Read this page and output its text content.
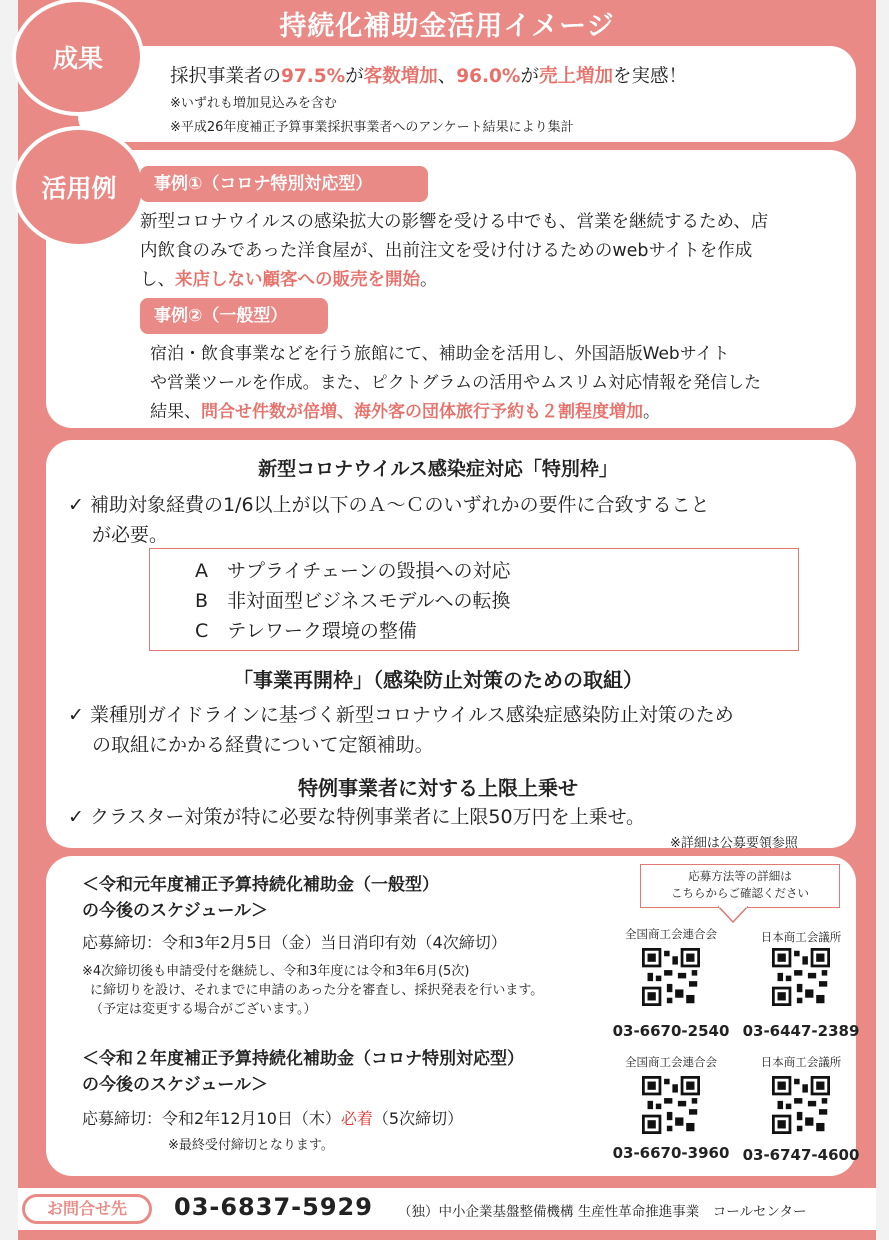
持続化補助金活用イメージ
成果
採択事業者の97.5%が客数増加、96.0%が売上増加を実感！
※いずれも増加見込みを含む
※平成26年度補正予算事業採択事業者へのアンケート結果により集計
活用例	事例①（コロナ特別対応型）
新型コロナウイルスの感染拡大の影響を受ける中でも、営業を継続するため、店
内飲食のみであった洋食屋が、出前注文を受け付けるためのwebサイトを作成
し、来店しない顧客への販売を開始。
事例②（一般型）
宿泊・飲食事業などを行う旅館にて、補助金を活用し、外国語版Webサイト
や営業ツールを作成。また、ピクトグラムの活用やムスリム対応情報を発信した
結果、問合せ件数が倍増、海外客の団体旅行予約も２割程度増加。
新型コロナウイルス感染症対応「特別枠」
✓ 補助対象経費の1/6以上が以下のＡ～Ｃのいずれかの要件に合致すること
が必要。
A　サプライチェーンの毀損への対応
B　非対面型ビジネスモデルへの転換
C　テレワーク環境の整備
「事業再開枠」（感染防止対策のための取組）
✓ 業種別ガイドラインに基づく新型コロナウイルス感染症感染防止対策のため
の取組にかかる経費について定額補助。
特例事業者に対する上限上乗せ
✓ クラスター対策が特に必要な特例事業者に上限50万円を上乗せ。
※詳細は公募要領参照
＜令和元年度補正予算持続化補助金（一般型）
の今後のスケジュール＞
応募締切：令和3年2月5日（金）当日消印有効（4次締切）
※4次締切後も申請受付を継続し、令和3年度には令和3年6月(5次)
に締切りを設け、それまでに申請のあった分を審査し、採択発表を行います。
（予定は変更する場合がございます。）
＜令和２年度補正予算持続化補助金（コロナ特別対応型）
の今後のスケジュール＞
応募締切：令和2年12月10日（木）必着（5次締切）
※最終受付締切となります。
応募方法等の詳細は
こちらからご確認ください
全国商工会連合会	日本商工会議所
03-6670-2540 03-6447-2389
全国商工会連合会	日本商工会議所
03-6670-3960 03-6747-4600
お問合せ先	03-6837-5929 （独）中小企業基盤整備機構 生産性革命推進事業　コールセンター
